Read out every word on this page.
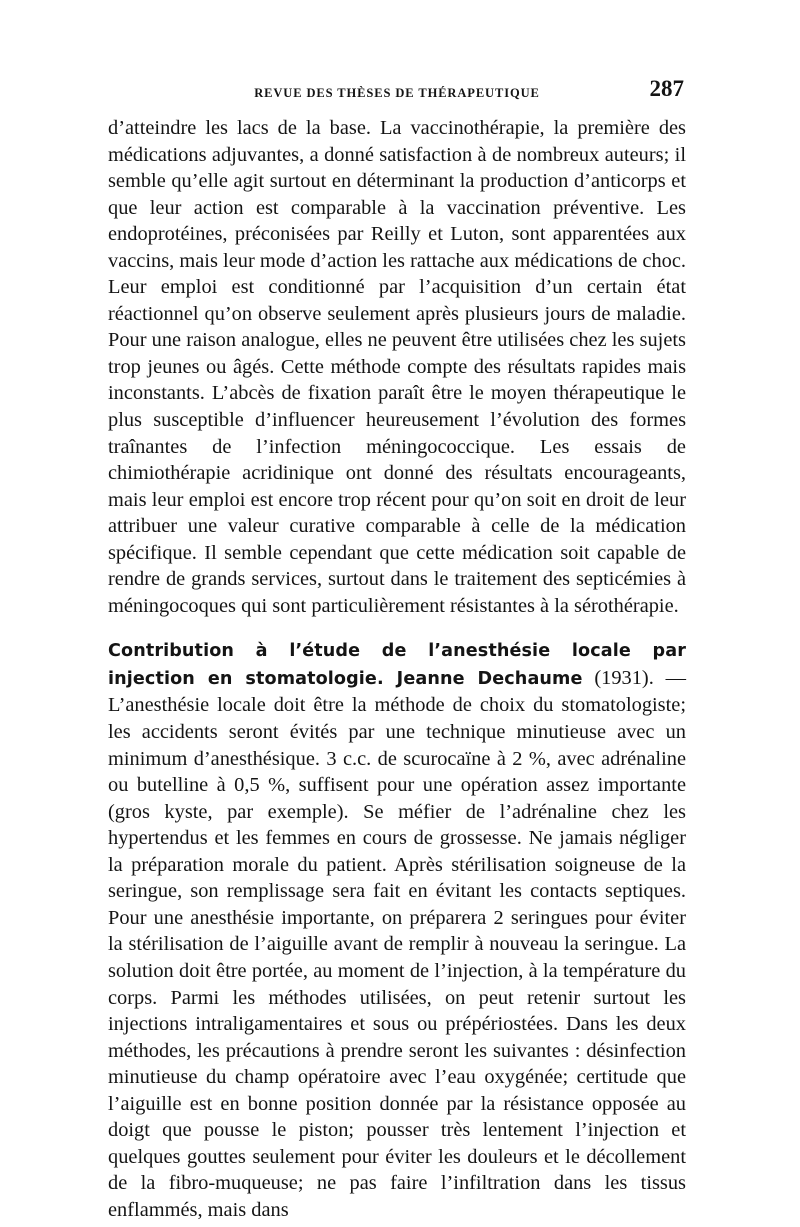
REVUE DES THÈSES DE THÉRAPEUTIQUE	287

d’atteindre les lacs de la base. La vaccinothérapie, la première des médications adjuvantes, a donné satisfaction à de nombreux auteurs; il semble qu’elle agit surtout en déterminant la production d’anticorps et que leur action est comparable à la vaccination préventive. Les endoprotéines, préconisées par Reilly et Luton, sont apparentées aux vaccins, mais leur mode d’action les rattache aux médications de choc. Leur emploi est conditionné par l’acquisition d’un certain état réactionnel qu’on observe seulement après plusieurs jours de maladie. Pour une raison analogue, elles ne peuvent être utilisées chez les sujets trop jeunes ou âgés. Cette méthode compte des résultats rapides mais inconstants. L’abcès de fixation paraît être le moyen thérapeutique le plus susceptible d’influencer heureusement l’évolution des formes traînantes de l’infection méningococcique. Les essais de chimiothérapie acridinique ont donné des résultats encourageants, mais leur emploi est encore trop récent pour qu’on soit en droit de leur attribuer une valeur curative comparable à celle de la médication spécifique. Il semble cependant que cette médication soit capable de rendre de grands services, surtout dans le traitement des septicémies à méningocoques qui sont particulièrement résistantes à la sérothérapie.

Contribution à l’étude de l’anesthésie locale par injection en stomatologie. Jeanne Dechaume (1931). — L’anesthésie locale doit être la méthode de choix du stomatologiste; les accidents seront évités par une technique minutieuse avec un minimum d’anesthésique. 3 c.c. de scurocaïne à 2 %, avec adrénaline ou butelline à 0,5 %, suffisent pour une opération assez importante (gros kyste, par exemple). Se méfier de l’adrénaline chez les hypertendus et les femmes en cours de grossesse. Ne jamais négliger la préparation morale du patient. Après stérilisation soigneuse de la seringue, son remplissage sera fait en évitant les contacts septiques. Pour une anesthésie importante, on préparera 2 seringues pour éviter la stérilisation de l’aiguille avant de remplir à nouveau la seringue. La solution doit être portée, au moment de l’injection, à la température du corps. Parmi les méthodes utilisées, on peut retenir surtout les injections intraligamentaires et sous ou prépériostées. Dans les deux méthodes, les précautions à prendre seront les suivantes : désinfection minutieuse du champ opératoire avec l’eau oxygénée; certitude que l’aiguille est en bonne position donnée par la résistance opposée au doigt que pousse le piston; pousser très lentement l’injection et quelques gouttes seulement pour éviter les douleurs et le décollement de la fibro-muqueuse; ne pas faire l’infiltration dans les tissus enflammés, mais dans
